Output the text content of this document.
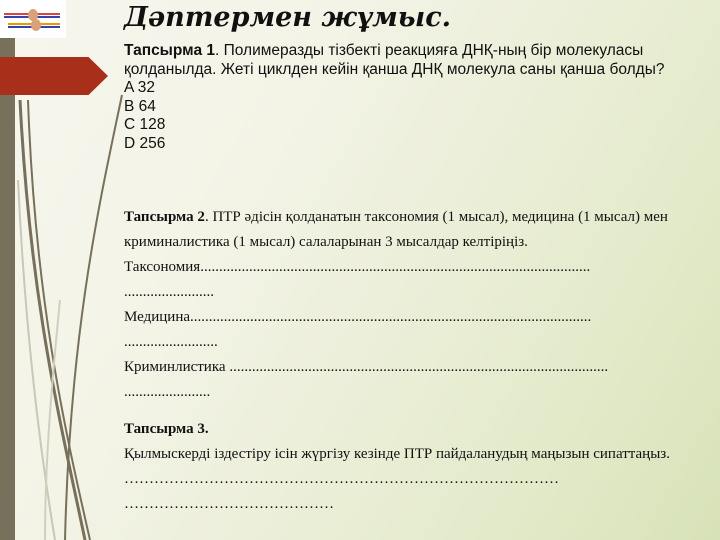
Дәптермен жұмыс.
Тапсырма 1. Полимеразды тізбекті реакцияға ДНҚ-ның бір молекуласы қолданылда. Жеті циклден кейін қанша ДНҚ молекула саны қанша болды?
A 32
B 64
C 128
D 256
Тапсырма 2. ПТР әдісін қолданатын таксономия (1 мысал), медицина (1 мысал) мен криминалистика (1 мысал) салаларынан 3 мысалдар келтіріңіз.
Таксономия........................................................................................................
........................
Медицина...........................................................................................................
.........................
Криминлистика .....................................................................................................
.......................
Тапсырма 3.
Қылмыскерді іздестіру ісін жүргізу кезінде ПТР пайдаланудың маңызын сипаттаңыз. ……………………………………………………………………………
……………………………………
